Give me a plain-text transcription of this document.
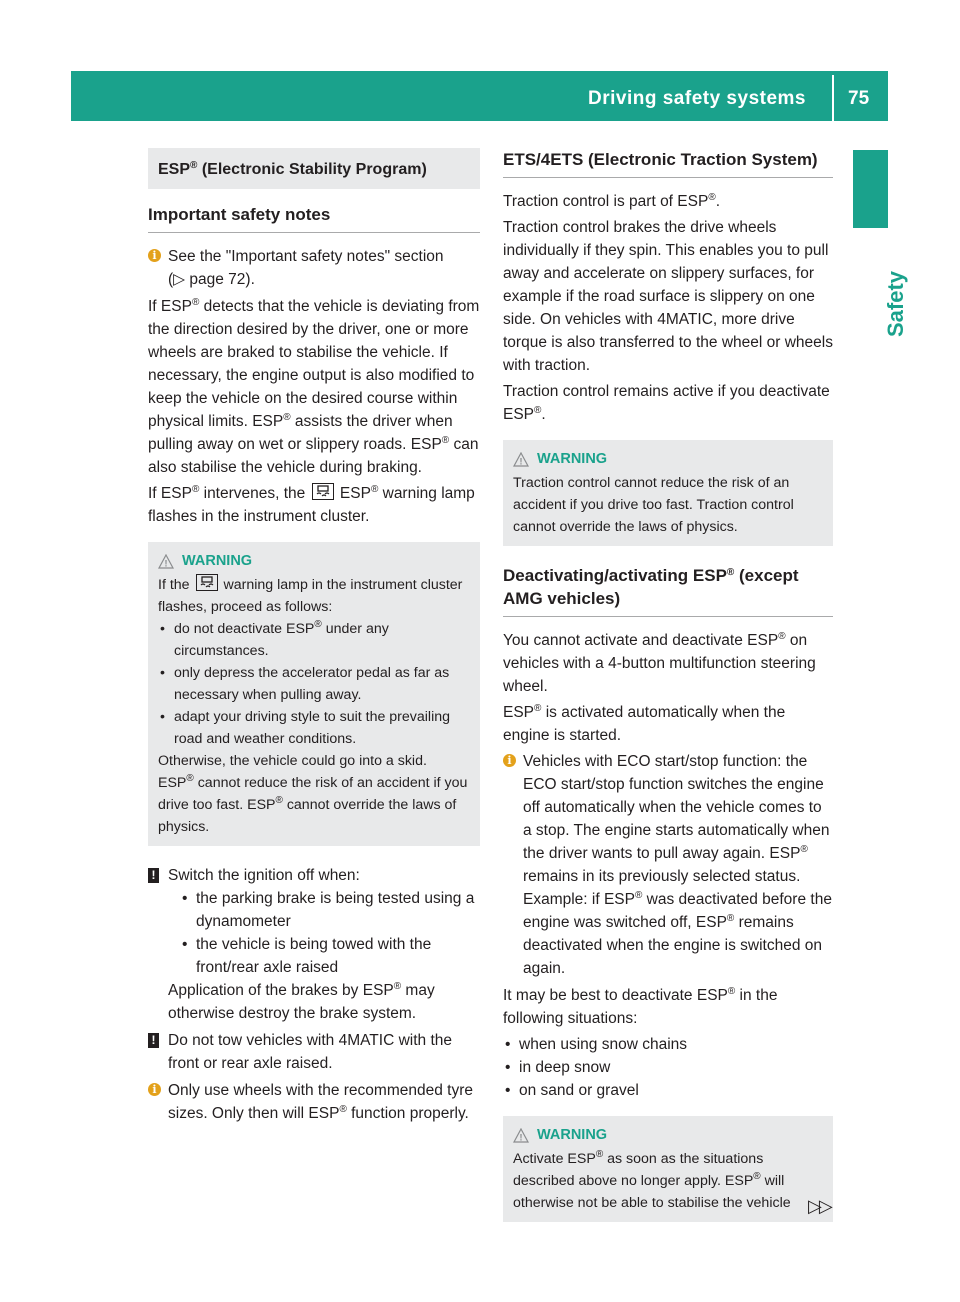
Driving safety systems 75
Safety
ESP® (Electronic Stability Program)
Important safety notes
i See the "Important safety notes" section
(▷ page 72).

If ESP® detects that the vehicle is deviating from the direction desired by the driver, one or more wheels are braked to stabilise the vehicle. If necessary, the engine output is also modified to keep the vehicle on the desired course within physical limits. ESP® assists the driver when pulling away on wet or slippery roads. ESP® can also stabilise the vehicle during braking.

If ESP® intervenes, the ESP® warning lamp flashes in the instrument cluster.

! WARNING
If the warning lamp in the instrument cluster flashes, proceed as follows:
• do not deactivate ESP® under any circumstances.
• only depress the accelerator pedal as far as necessary when pulling away.
• adapt your driving style to suit the prevailing road and weather conditions.
Otherwise, the vehicle could go into a skid.
ESP® cannot reduce the risk of an accident if you drive too fast. ESP® cannot override the laws of physics.
! Switch the ignition off when:
• the parking brake is being tested using a dynamometer
• the vehicle is being towed with the front/rear axle raised
Application of the brakes by ESP® may otherwise destroy the brake system.
! Do not tow vehicles with 4MATIC with the front or rear axle raised.
i Only use wheels with the recommended tyre sizes. Only then will ESP® function properly.
ETS/4ETS (Electronic Traction System)

Traction control is part of ESP®.

Traction control brakes the drive wheels individually if they spin. This enables you to pull away and accelerate on slippery surfaces, for example if the road surface is slippery on one side. On vehicles with 4MATIC, more drive torque is also transferred to the wheel or wheels with traction.

Traction control remains active if you deactivate ESP®.

! WARNING
Traction control cannot reduce the risk of an accident if you drive too fast. Traction control cannot override the laws of physics.
Deactivating/activating ESP® (except AMG vehicles)

You cannot activate and deactivate ESP® on vehicles with a 4-button multifunction steering wheel.

ESP® is activated automatically when the engine is started.

i Vehicles with ECO start/stop function: the ECO start/stop function switches the engine off automatically when the vehicle comes to a stop. The engine starts automatically when the driver wants to pull away again. ESP® remains in its previously selected status. Example: if ESP® was deactivated before the engine was switched off, ESP® remains deactivated when the engine is switched on again.

It may be best to deactivate ESP® in the following situations:

• when using snow chains
• in deep snow
• on sand or gravel
! WARNING
Activate ESP® as soon as the situations described above no longer apply. ESP® will otherwise not be able to stabilise the vehicle ▷▷
